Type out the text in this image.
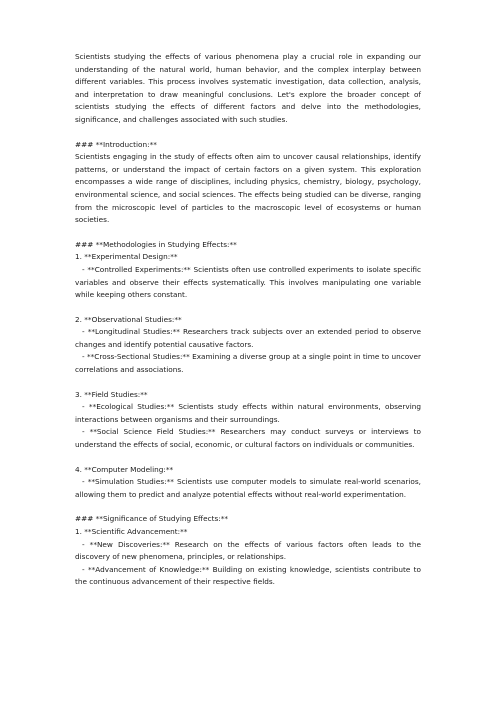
Scientists studying the effects of various phenomena play a crucial role in expanding our understanding of the natural world, human behavior, and the complex interplay between different variables. This process involves systematic investigation, data collection, analysis, and interpretation to draw meaningful conclusions. Let's explore the broader concept of scientists studying the effects of different factors and delve into the methodologies, significance, and challenges associated with such studies.

### **Introduction:**

Scientists engaging in the study of effects often aim to uncover causal relationships, identify patterns, or understand the impact of certain factors on a given system. This exploration encompasses a wide range of disciplines, including physics, chemistry, biology, psychology, environmental science, and social sciences. The effects being studied can be diverse, ranging from the microscopic level of particles to the macroscopic level of ecosystems or human societies.

### **Methodologies in Studying Effects:**

1. **Experimental Design:**

- **Controlled Experiments:** Scientists often use controlled experiments to isolate specific variables and observe their effects systematically. This involves manipulating one variable while keeping others constant.

2. **Observational Studies:**

- **Longitudinal Studies:** Researchers track subjects over an extended period to observe changes and identify potential causative factors.

- **Cross-Sectional Studies:** Examining a diverse group at a single point in time to uncover correlations and associations.

3. **Field Studies:**

- **Ecological Studies:** Scientists study effects within natural environments, observing interactions between organisms and their surroundings.

- **Social Science Field Studies:** Researchers may conduct surveys or interviews to understand the effects of social, economic, or cultural factors on individuals or communities.

4. **Computer Modeling:**

- **Simulation Studies:** Scientists use computer models to simulate real-world scenarios, allowing them to predict and analyze potential effects without real-world experimentation.

### **Significance of Studying Effects:**

1. **Scientific Advancement:**

- **New Discoveries:** Research on the effects of various factors often leads to the discovery of new phenomena, principles, or relationships.

- **Advancement of Knowledge:** Building on existing knowledge, scientists contribute to the continuous advancement of their respective fields.
